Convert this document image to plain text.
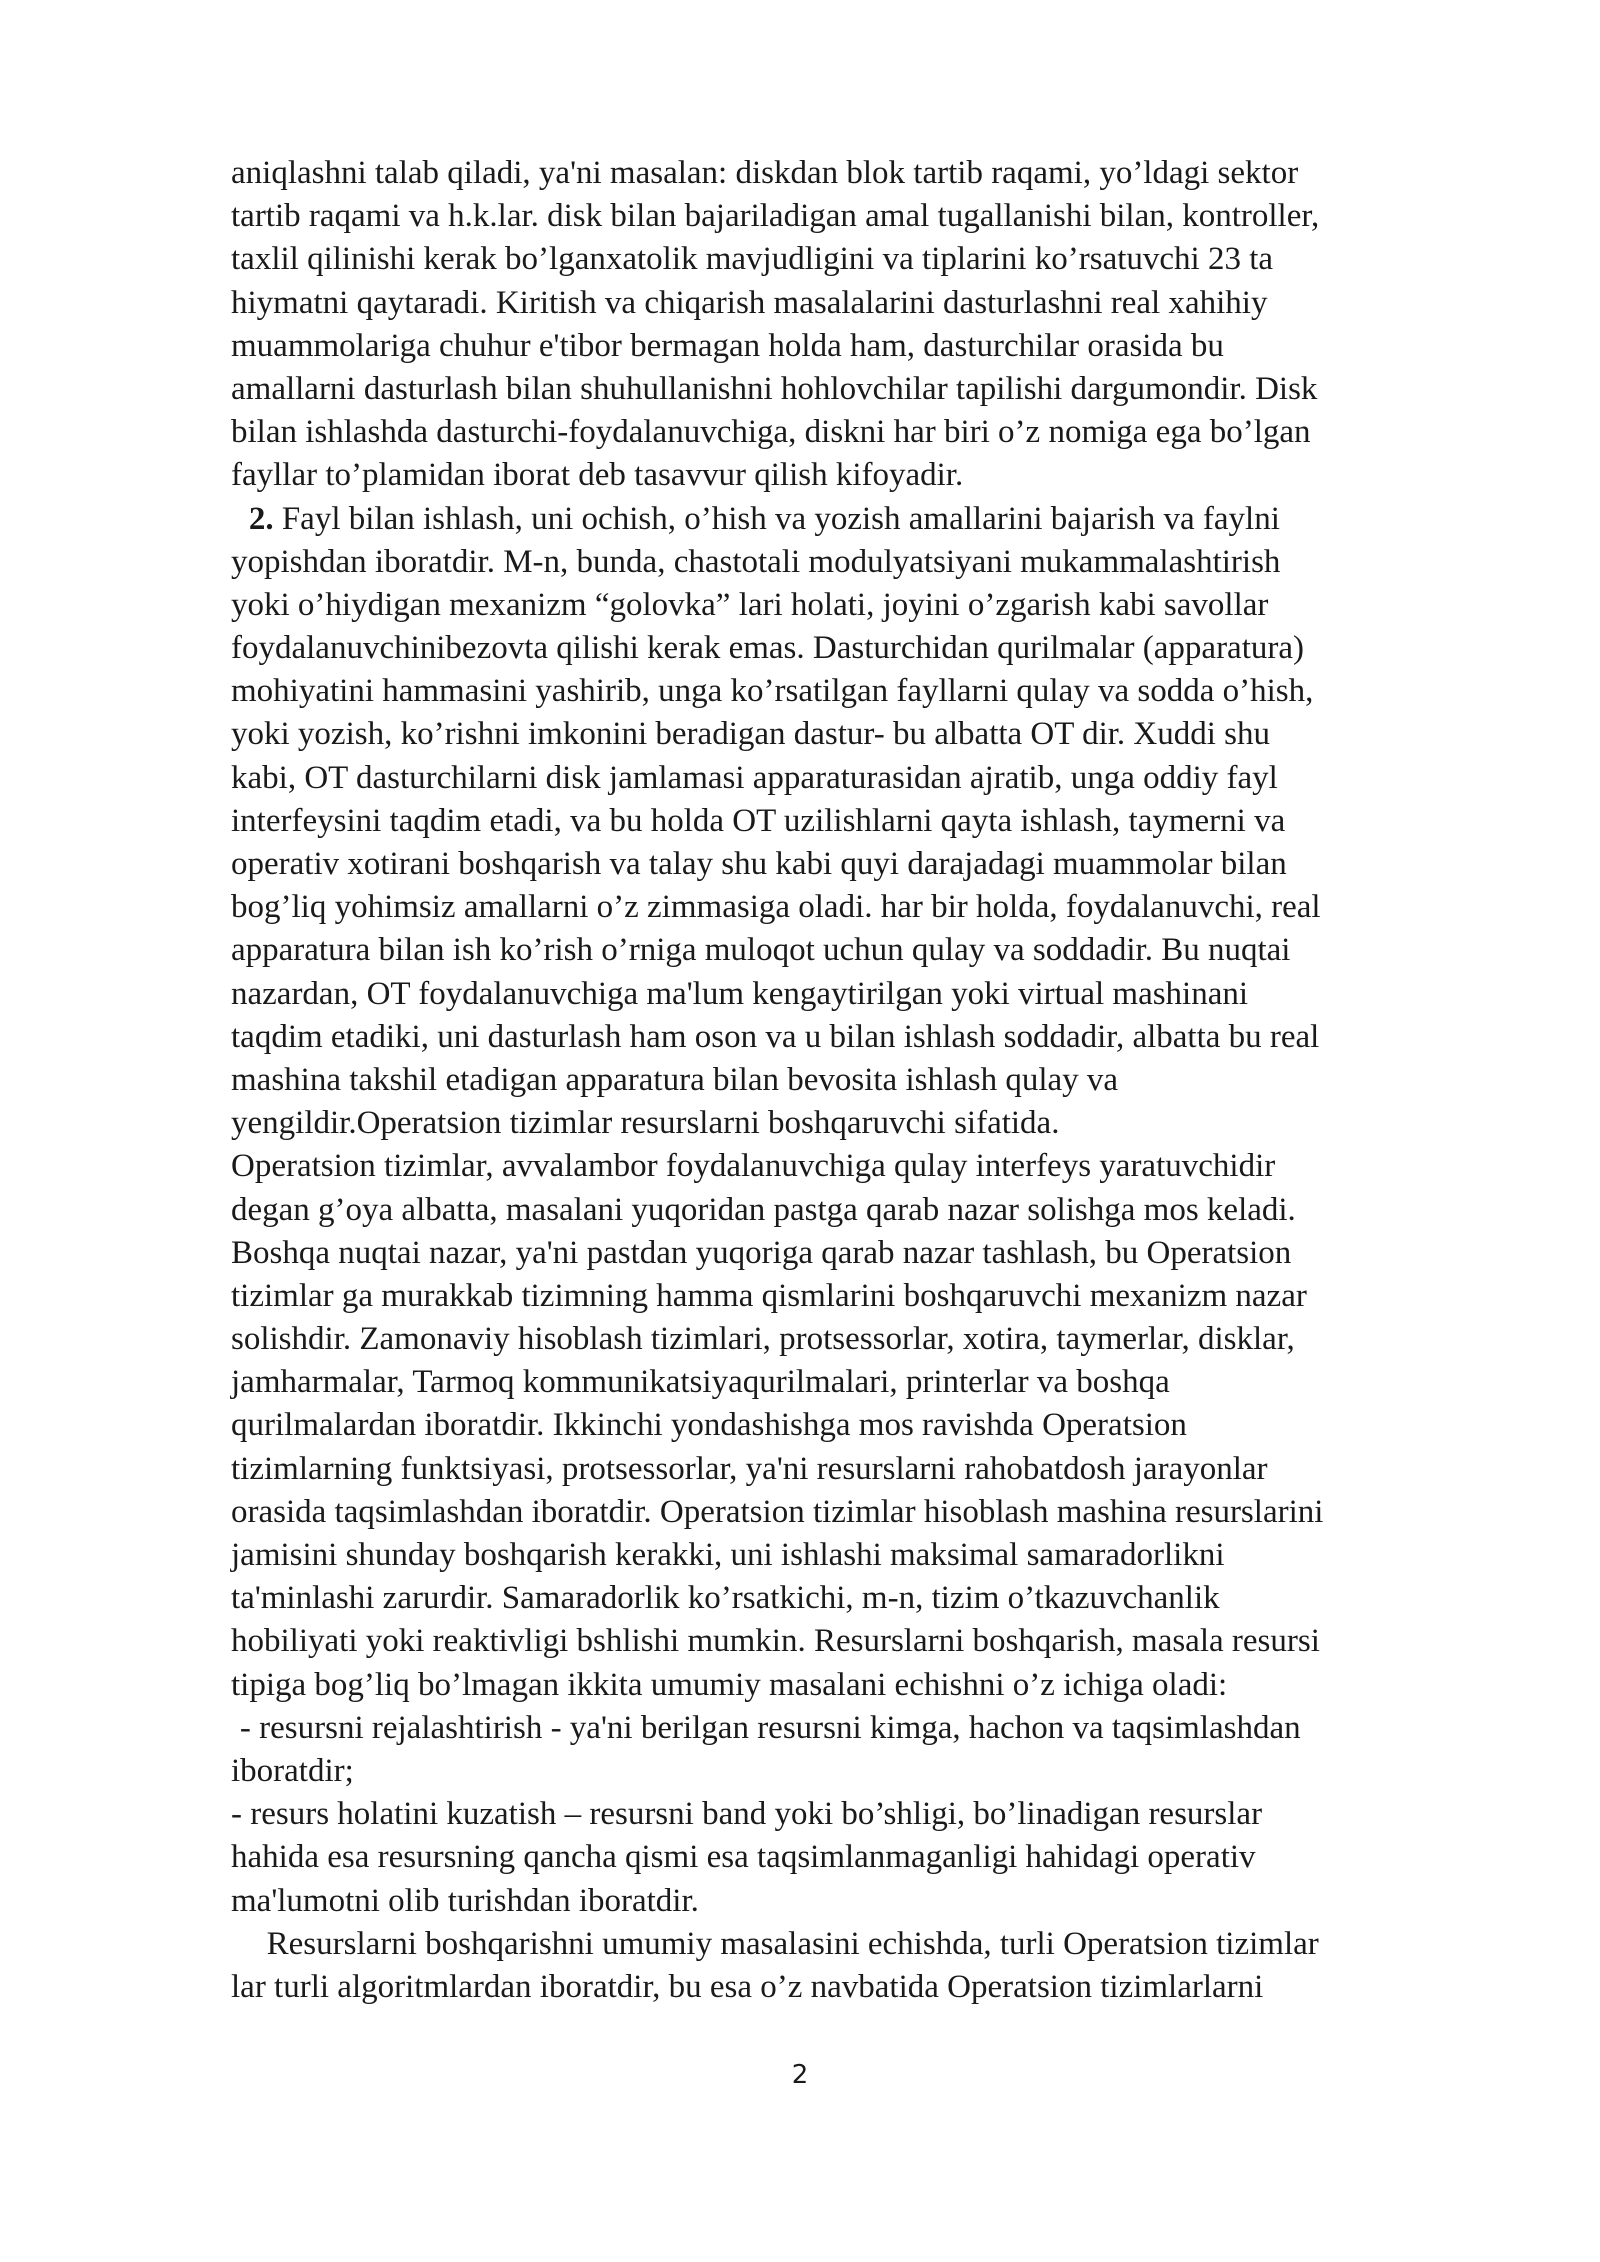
aniqlashni talab qiladi, ya'ni masalan: diskdan blok tartib raqami, yo’ldagi sektor
tartib raqami va h.k.lar. disk bilan bajariladigan amal tugallanishi bilan, kontroller,
taxlil qilinishi kerak bo’lganxatolik mavjudligini va tiplarini ko’rsatuvchi 23 ta
hiymatni qaytaradi. Kiritish va chiqarish masalalarini dasturlashni real xahihiy
muammolariga chuhur e'tibor bermagan holda ham, dasturchilar orasida bu
amallarni dasturlash bilan shuhullanishni hohlovchilar tapilishi dargumondir. Disk
bilan ishlashda dasturchi-foydalanuvchiga, diskni har biri o’z nomiga ega bo’lgan
fayllar to’plamidan iborat deb tasavvur qilish kifoyadir.
2. Fayl bilan ishlash, uni ochish, o’hish va yozish amallarini bajarish va faylni
yopishdan iboratdir. M-n, bunda, chastotali modulyatsiyani mukammalashtirish
yoki o’hiydigan mexanizm “golovka” lari holati, joyini o’zgarish kabi savollar
foydalanuvchinibezovta qilishi kerak emas. Dasturchidan qurilmalar (apparatura)
mohiyatini hammasini yashirib, unga ko’rsatilgan fayllarni qulay va sodda o’hish,
yoki yozish, ko’rishni imkonini beradigan dastur- bu albatta OT dir. Xuddi shu
kabi, OT dasturchilarni disk jamlamasi apparaturasidan ajratib, unga oddiy fayl
interfeysini taqdim etadi, va bu holda OT uzilishlarni qayta ishlash, taymerni va
operativ xotirani boshqarish va talay shu kabi quyi darajadagi muammolar bilan
bog’liq yohimsiz amallarni o’z zimmasiga oladi. har bir holda, foydalanuvchi, real
apparatura bilan ish ko’rish o’rniga muloqot uchun qulay va soddadir. Bu nuqtai
nazardan, OT foydalanuvchiga ma'lum kengaytirilgan yoki virtual mashinani
taqdim etadiki, uni dasturlash ham oson va u bilan ishlash soddadir, albatta bu real
mashina takshil etadigan apparatura bilan bevosita ishlash qulay va
yengildir.Operatsion tizimlar resurslarni boshqaruvchi sifatida.
Operatsion tizimlar, avvalambor foydalanuvchiga qulay interfeys yaratuvchidir
degan g’oya albatta, masalani yuqoridan pastga qarab nazar solishga mos keladi.
Boshqa nuqtai nazar, ya'ni pastdan yuqoriga qarab nazar tashlash, bu Operatsion
tizimlar ga murakkab tizimning hamma qismlarini boshqaruvchi mexanizm nazar
solishdir. Zamonaviy hisoblash tizimlari, protsessorlar, xotira, taymerlar, disklar,
jamharmalar, Tarmoq kommunikatsiyaqurilmalari, printerlar va boshqa
qurilmalardan iboratdir. Ikkinchi yondashishga mos ravishda Operatsion
tizimlarning funktsiyasi, protsessorlar, ya'ni resurslarni rahobatdosh jarayonlar
orasida taqsimlashdan iboratdir. Operatsion tizimlar hisoblash mashina resurslarini
jamisini shunday boshqarish kerakki, uni ishlashi maksimal samaradorlikni
ta'minlashi zarurdir. Samaradorlik ko’rsatkichi, m-n, tizim o’tkazuvchanlik
hobiliyati yoki reaktivligi bshlishi mumkin. Resurslarni boshqarish, masala resursi
tipiga bog’liq bo’lmagan ikkita umumiy masalani echishni o’z ichiga oladi:
- resursni rejalashtirish - ya'ni berilgan resursni kimga, hachon va taqsimlashdan
iboratdir;
- resurs holatini kuzatish – resursni band yoki bo’shligi, bo’linadigan resurslar
hahida esa resursning qancha qismi esa taqsimlanmaganligi hahidagi operativ
ma'lumotni olib turishdan iboratdir.
Resurslarni boshqarishni umumiy masalasini echishda, turli Operatsion tizimlar
lar turli algoritmlardan iboratdir, bu esa o’z navbatida Operatsion tizimlarlarni
2
